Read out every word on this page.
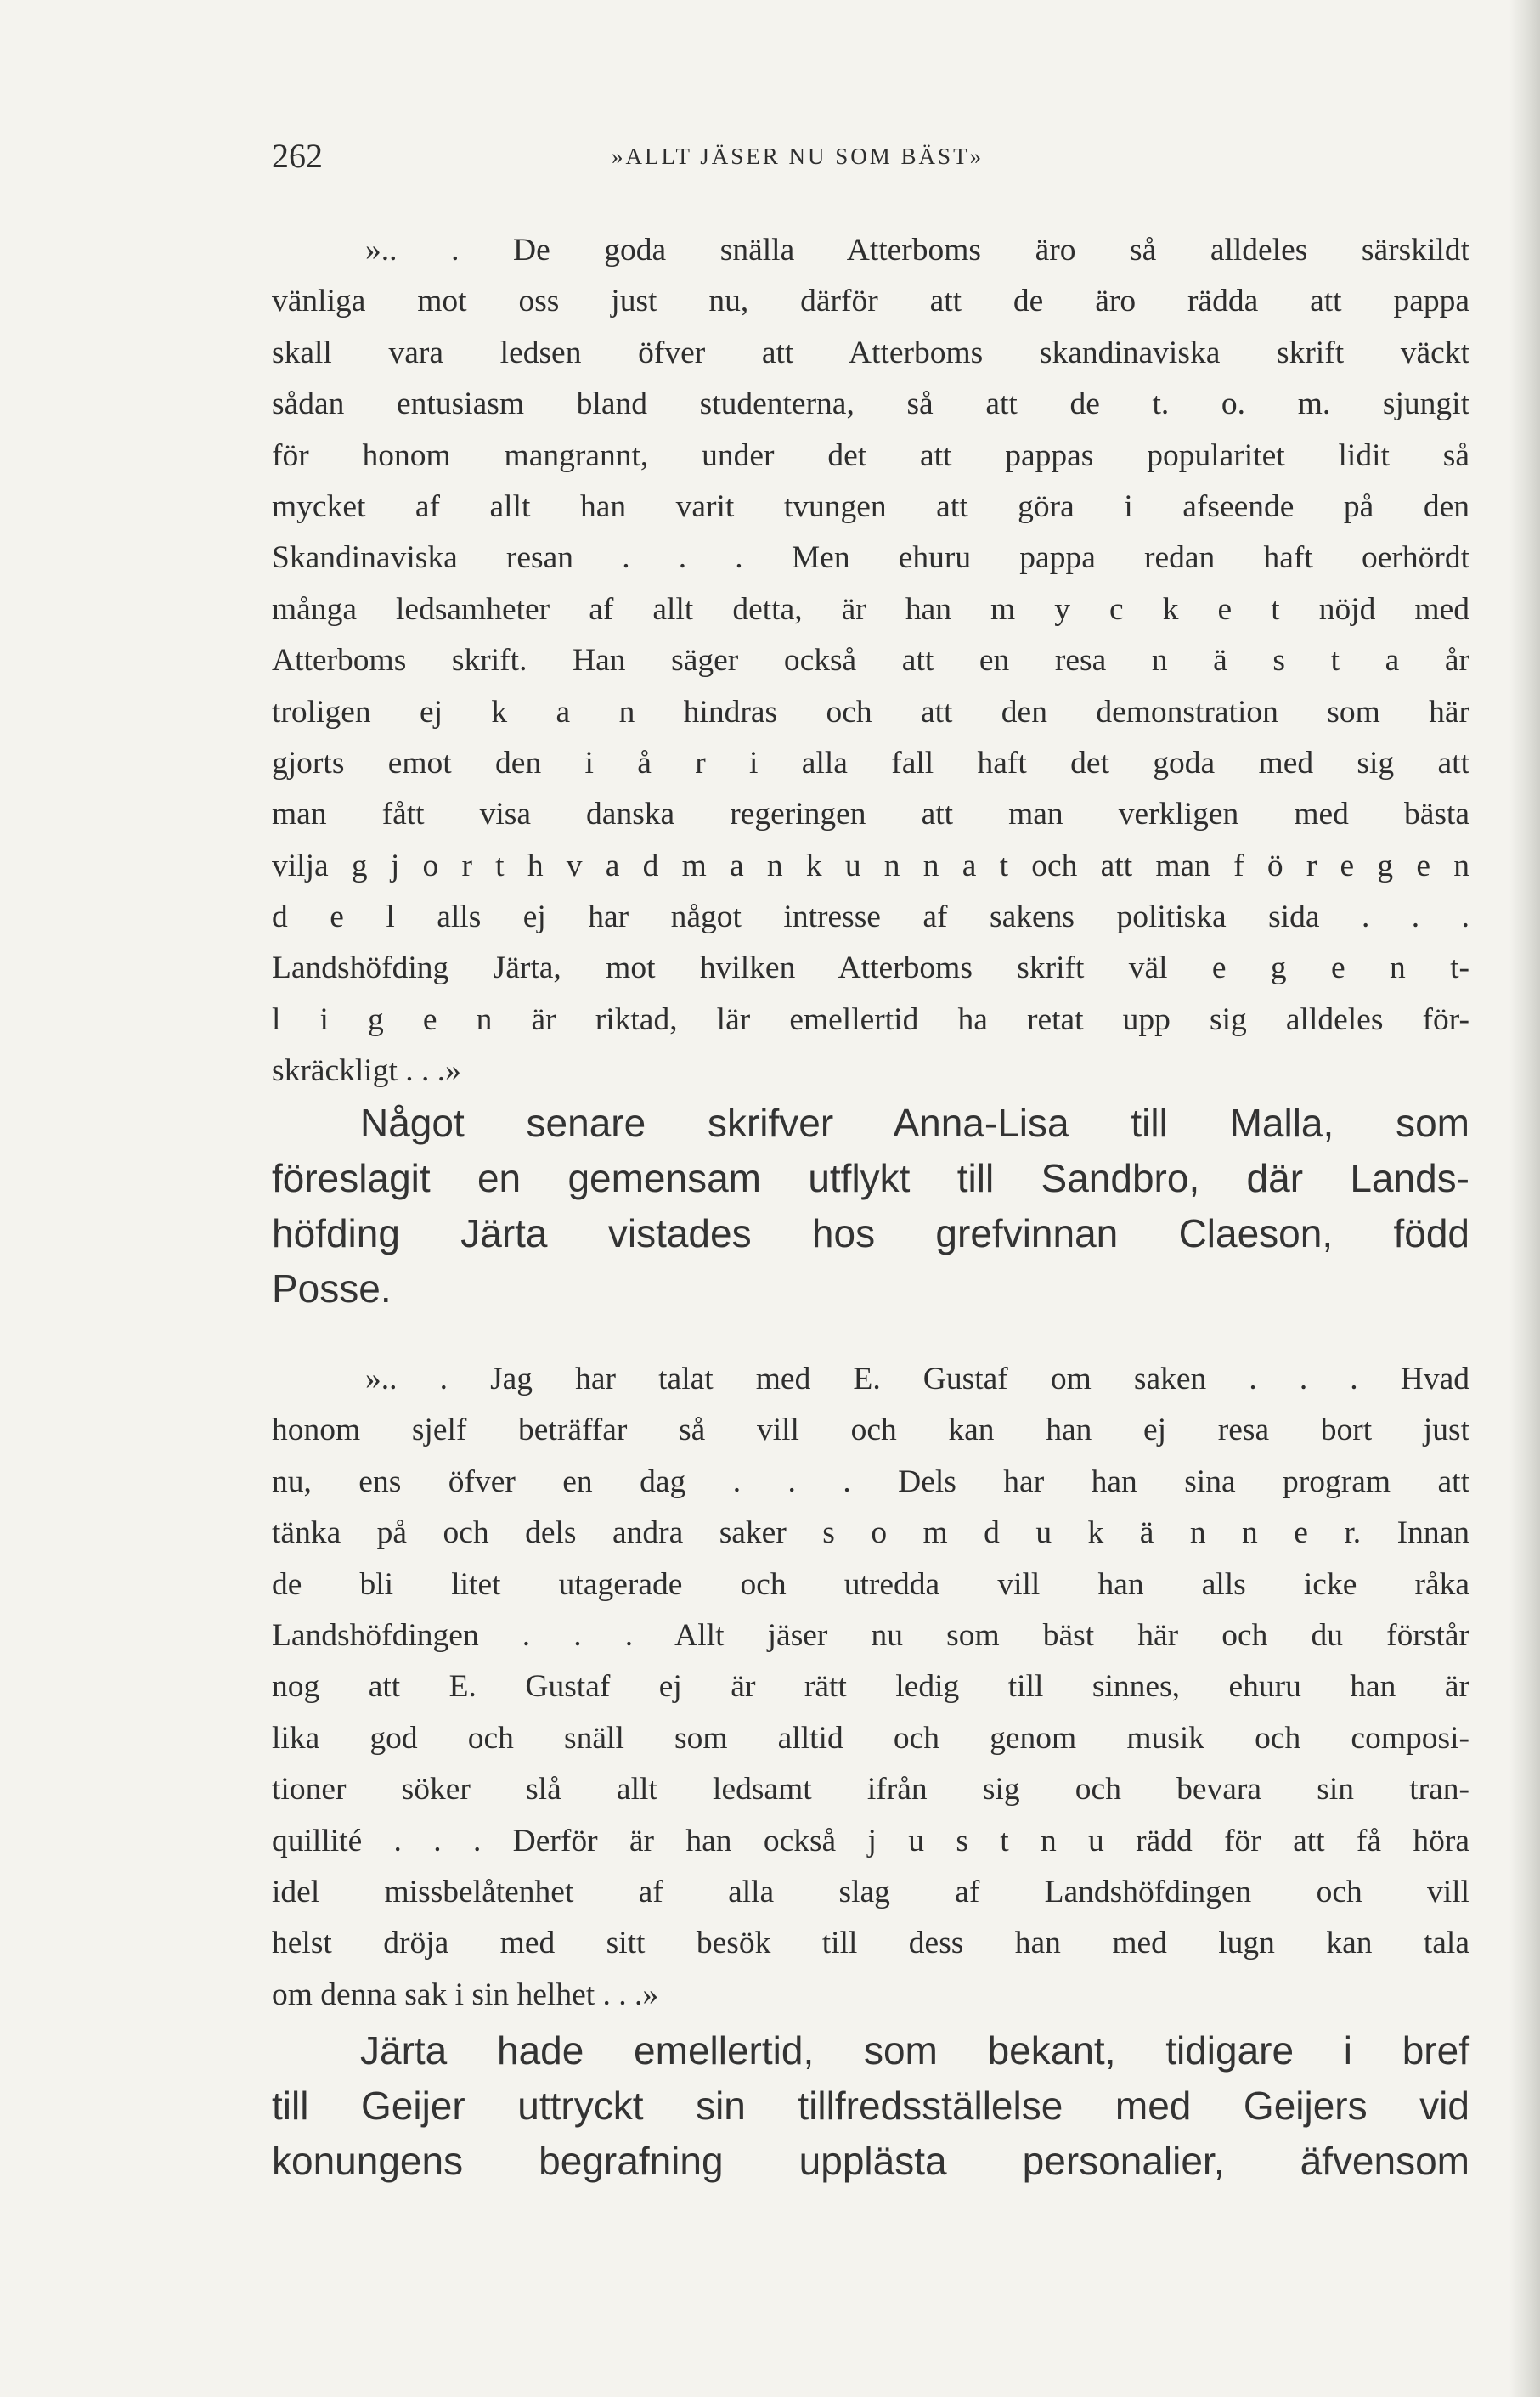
262	»ALLT JÄSER NU SOM BÄST»
».. . De goda snälla Atterboms äro så alldeles särskildt
vänliga mot oss just nu, därför att de äro rädda att pappa
skall vara ledsen öfver att Atterboms skandinaviska skrift väckt
sådan entusiasm bland studenterna, så att de t. o. m. sjungit
för honom mangrannt, under det att pappas popularitet lidit så
mycket af allt han varit tvungen att göra i afseende på den
Skandinaviska resan . . . Men ehuru pappa redan haft oerhördt
många ledsamheter af allt detta, är han m y c k e t nöjd med
Atterboms skrift. Han säger också att en resa n ä s t a år
troligen ej k a n hindras och att den demonstration som här
gjorts emot den i å r i alla fall haft det goda med sig att
man fått visa danska regeringen att man verkligen med bästa
vilja g j o r t h v a d m a n k u n n a t och att man f ö r e g e n
d e l alls ej har något intresse af sakens politiska sida . . .
Landshöfding Järta, mot hvilken Atterboms skrift väl e g e n t-
l i g e n är riktad, lär emellertid ha retat upp sig alldeles för-
skräckligt . . .»
Något senare skrifver Anna-Lisa till Malla, som
föreslagit en gemensam utflykt till Sandbro, där Lands-
höfding Järta vistades hos grefvinnan Claeson, född
Posse.
».. . Jag har talat med E. Gustaf om saken . . . Hvad
honom sjelf beträffar så vill och kan han ej resa bort just
nu, ens öfver en dag . . . Dels har han sina program att
tänka på och dels andra saker s o m d u k ä n n e r. Innan
de bli litet utagerade och utredda vill han alls icke råka
Landshöfdingen . . . Allt jäser nu som bäst här och du förstår
nog att E. Gustaf ej är rätt ledig till sinnes, ehuru han är
lika god och snäll som alltid och genom musik och composi-
tioner söker slå allt ledsamt ifrån sig och bevara sin tran-
quillité . . . Derför är han också j u s t n u rädd för att få höra
idel missbelåtenhet af alla slag af Landshöfdingen och vill
helst dröja med sitt besök till dess han med lugn kan tala
om denna sak i sin helhet . . .»
Järta hade emellertid, som bekant, tidigare i bref
till Geijer uttryckt sin tillfredsställelse med Geijers vid
konungens begrafning upplästa personalier, äfvensom
